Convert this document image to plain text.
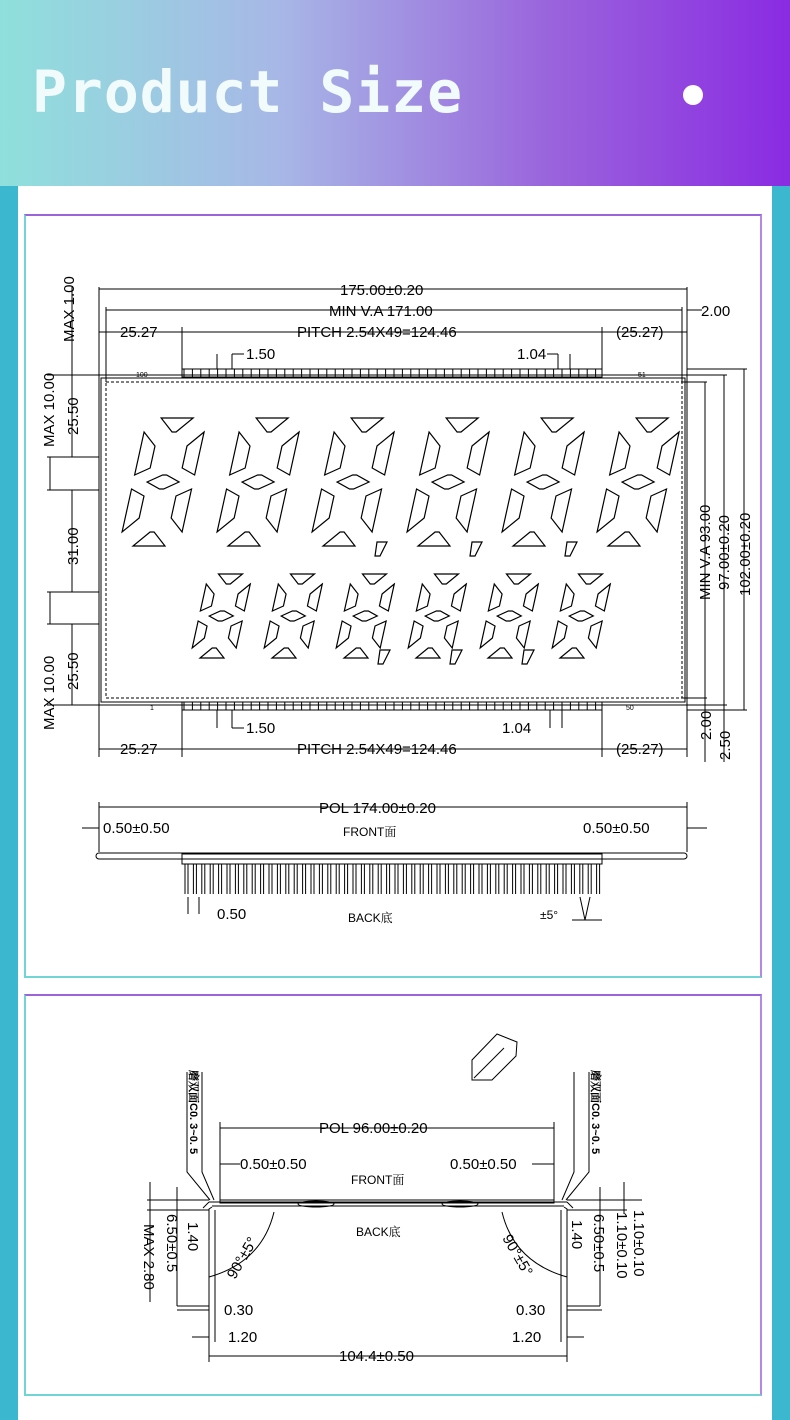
Product Size
175.00±0.20
MIN V.A 171.00	2.00
25.27	PITCH 2.54X49=124.46	(25.27)
1.50	1.04
100	51
1	50
1.50	1.04
25.27	PITCH 2.54X49=124.46	(25.27)
MAX 1.00
MAX 10.00 25.50
31.00
MAX 10.00 25.50
MIN V.A 93.00 97.00±0.20 102.00±0.20
2.00
2.50
POL 174.00±0.20
0.50±0.50	0.50±0.50
FRONT面
BACK底
0.50	±5°
POL 96.00±0.20
0.50±0.50	0.50±0.50
FRONT面
BACK底
磨双面C0. 3~0. 5	磨双面C0. 3~0. 5
MAX 2.80 6.50±0.5 1.40	1.40 6.50±0.5 1.10±0.10 1.10±0.10
90°±5°	90°±5°
0.30	0.30
1.20	1.20
104.4±0.50
